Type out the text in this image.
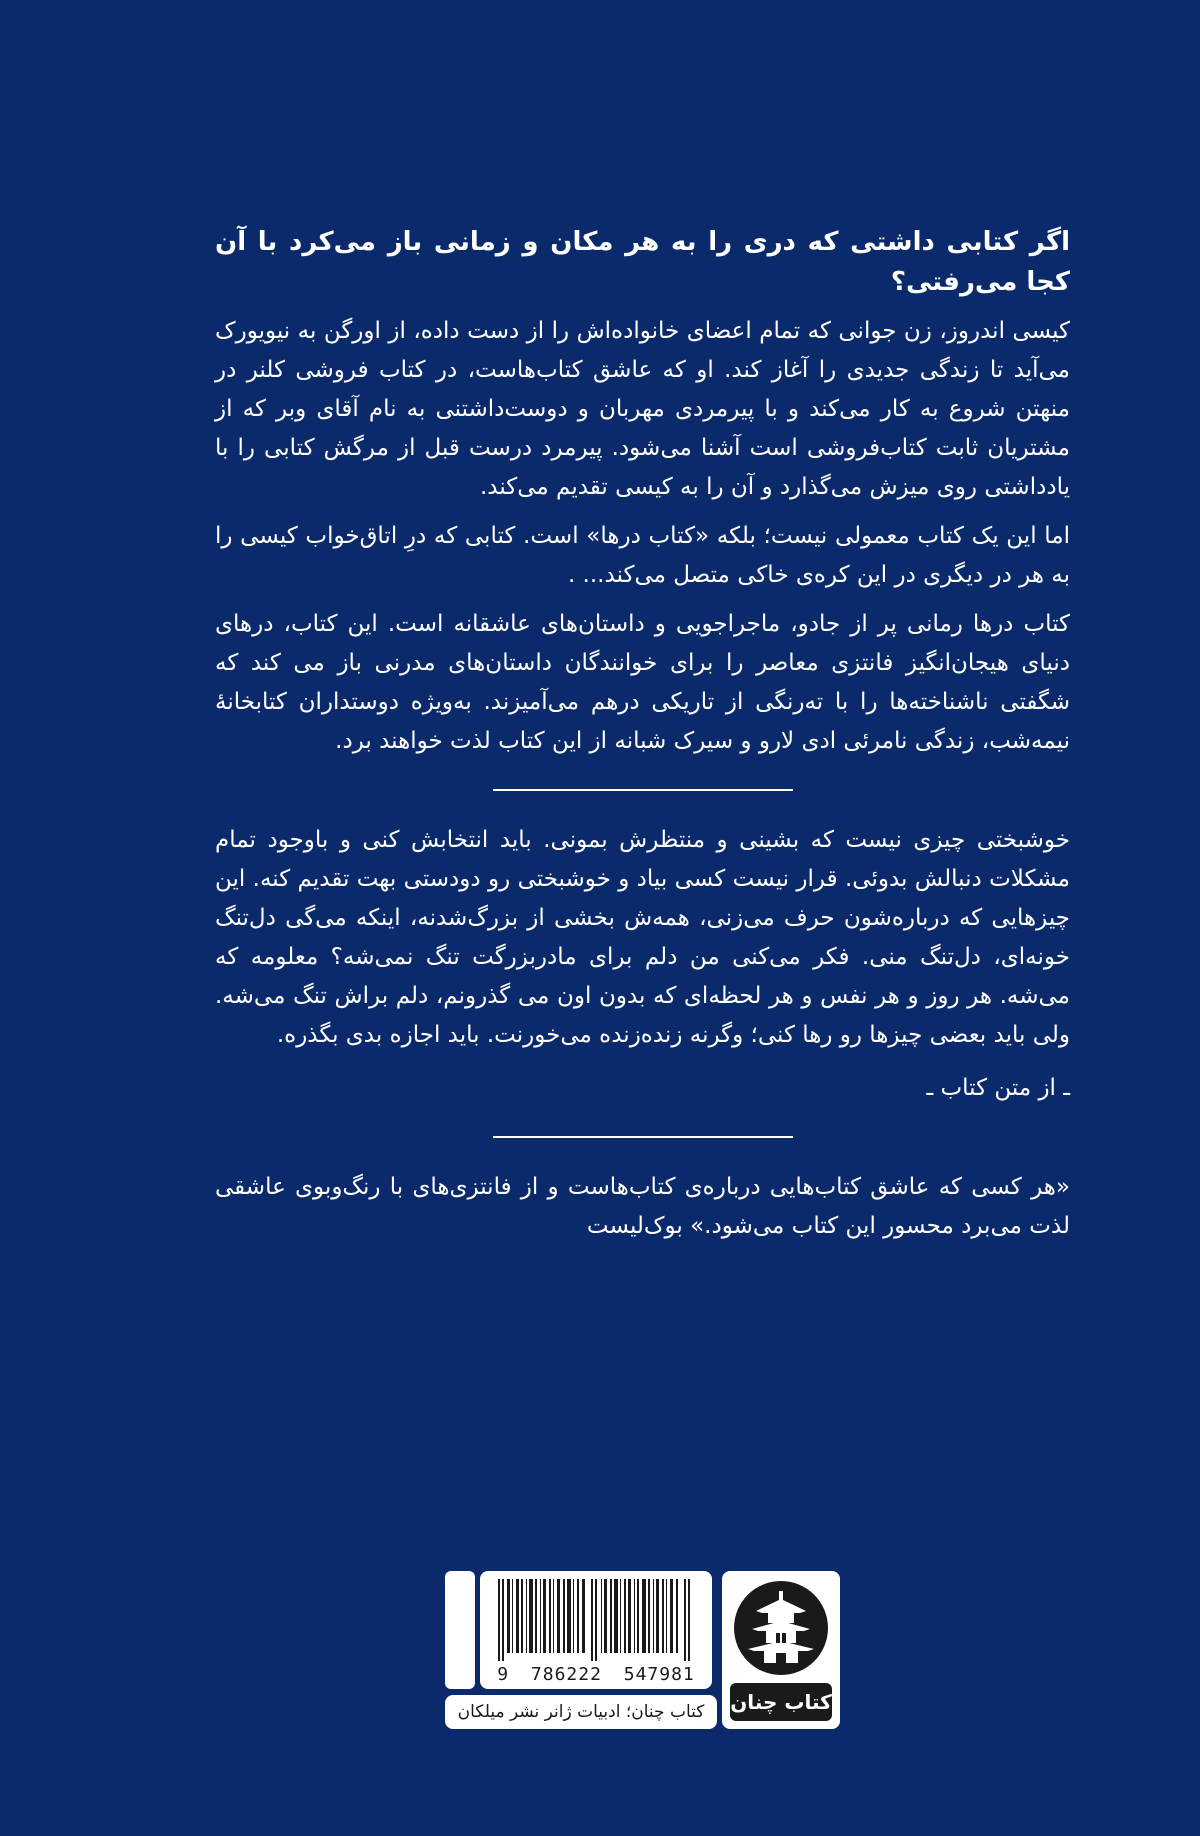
اگر کتابی داشتی که دری را به هر مکان و زمانی باز می‌کرد با آن کجا می‌رفتی؟

کیسی اندروز، زن جوانی که تمام اعضای خانواده‌اش را از دست داده، از اورگن به نیویورک می‌آید تا زندگی جدیدی را آغاز کند. او که عاشق کتاب‌هاست، در کتاب فروشی کلنر در منهتن شروع به کار می‌کند و با پیرمردی مهربان و دوست‌داشتنی به نام آقای وبر که از مشتریان ثابت کتاب‌فروشی است آشنا می‌شود. پیرمرد درست قبل از مرگش کتابی را با یادداشتی روی میزش می‌گذارد و آن را به کیسی تقدیم می‌کند.

اما این یک کتاب معمولی نیست؛ بلکه «کتاب درها» است. کتابی که درِ اتاق‌خواب کیسی را به هر در دیگری در این کره‌ی خاکی متصل می‌کند... .

کتاب درها رمانی پر از جادو، ماجراجویی و داستان‌های عاشقانه است. این کتاب، درهای دنیای هیجان‌انگیز فانتزی معاصر را برای خوانندگان داستان‌های مدرنی باز می کند که شگفتی ناشناخته‌ها را با ته‌رنگی از تاریکی درهم می‌آمیزند. به‌ویژه دوستداران کتابخانهٔ نیمه‌شب، زندگی نامرئی ادی لارو و سیرک شبانه از این کتاب لذت خواهند برد.

خوشبختی چیزی نیست که بشینی و منتظرش بمونی. باید انتخابش کنی و باوجود تمام مشکلات دنبالش بدوئی. قرار نیست کسی بیاد و خوشبختی رو دودستی بهت تقدیم کنه. این چیزهایی که درباره‌شون حرف می‌زنی، همه‌ش بخشی از بزرگ‌شدنه، اینکه می‌گی دل‌تنگ خونه‌ای، دل‌تنگ منی. فکر می‌کنی من دلم برای مادربزرگت تنگ نمی‌شه؟ معلومه که می‌شه. هر روز و هر نفس و هر لحظه‌ای که بدون اون می گذرونم، دلم براش تنگ می‌شه. ولی باید بعضی چیزها رو رها کنی؛ وگرنه زنده‌زنده می‌خورنت. باید اجازه بدی بگذره.

ـ از متن کتاب ـ

«هر کسی که عاشق کتاب‌هایی درباره‌ی کتاب‌هاست و از فانتزی‌های با رنگ‌وبوی عاشقی لذت می‌برد محسور این کتاب می‌شود.» بوک‌لیست

9 786222 547981
کتاب چنان
کتاب چنان؛ ادبیات ژانر نشر میلکان
